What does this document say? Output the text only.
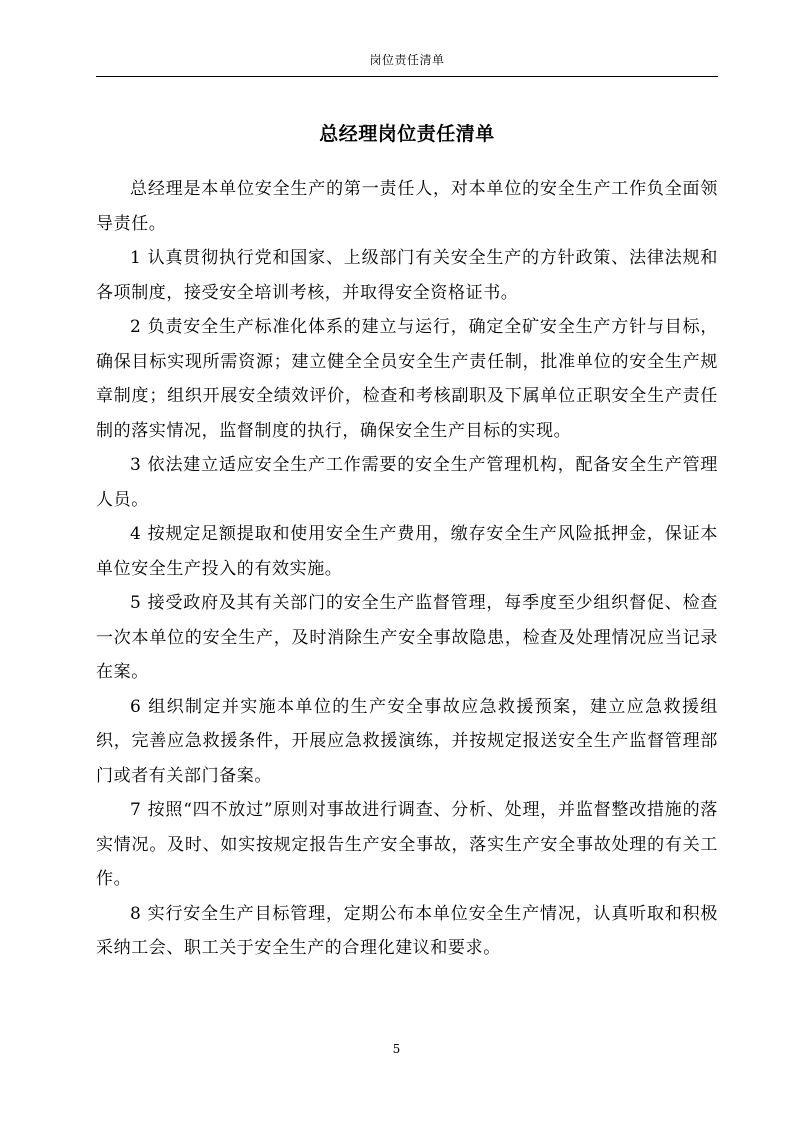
岗位责任清单
总经理岗位责任清单

总经理是本单位安全生产的第一责任人，对本单位的安全生产工作负全面领导责任。

1 认真贯彻执行党和国家、上级部门有关安全生产的方针政策、法律法规和各项制度，接受安全培训考核，并取得安全资格证书。

2 负责安全生产标准化体系的建立与运行，确定全矿安全生产方针与目标，确保目标实现所需资源；建立健全全员安全生产责任制，批准单位的安全生产规章制度；组织开展安全绩效评价，检查和考核副职及下属单位正职安全生产责任制的落实情况，监督制度的执行，确保安全生产目标的实现。

3 依法建立适应安全生产工作需要的安全生产管理机构，配备安全生产管理人员。

4 按规定足额提取和使用安全生产费用，缴存安全生产风险抵押金，保证本单位安全生产投入的有效实施。

5 接受政府及其有关部门的安全生产监督管理，每季度至少组织督促、检查一次本单位的安全生产，及时消除生产安全事故隐患，检查及处理情况应当记录在案。

6 组织制定并实施本单位的生产安全事故应急救援预案，建立应急救援组织，完善应急救援条件，开展应急救援演练，并按规定报送安全生产监督管理部门或者有关部门备案。

7 按照“四不放过”原则对事故进行调查、分析、处理，并监督整改措施的落实情况。及时、如实按规定报告生产安全事故，落实生产安全事故处理的有关工作。

8 实行安全生产目标管理，定期公布本单位安全生产情况，认真听取和积极采纳工会、职工关于安全生产的合理化建议和要求。

5
